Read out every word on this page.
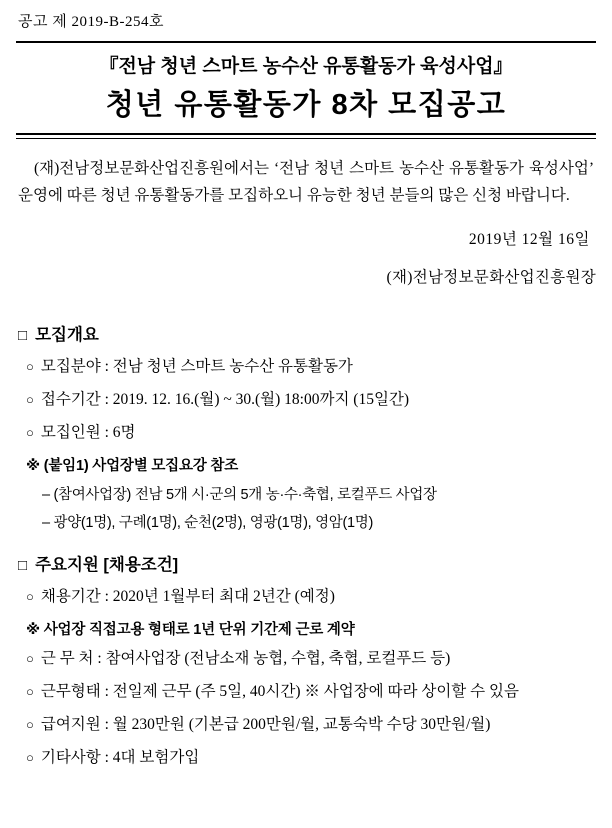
공고 제 2019-B-254호
『전남 청년 스마트 농수산 유통활동가 육성사업』
청년 유통활동가 8차 모집공고

(재)전남정보문화산업진흥원에서는 ‘전남 청년 스마트 농수산 유통활동가 육성사업’ 운영에 따른 청년 유통활동가를 모집하오니 유능한 청년 분들의 많은 신청 바랍니다.

2019년 12월 16일
(재)전남정보문화산업진흥원장
□ 모집개요
○ 모집분야 : 전남 청년 스마트 농수산 유통활동가
○ 접수기간 : 2019. 12. 16.(월) ~ 30.(월) 18:00까지 (15일간)
○ 모집인원 : 6명
※ (붙임1) 사업장별 모집요강 참조
– (참여사업장) 전남 5개 시·군의 5개 농·수·축협, 로컬푸드 사업장
– 광양(1명), 구례(1명), 순천(2명), 영광(1명), 영암(1명)
□ 주요지원 [채용조건]
○ 채용기간 : 2020년 1월부터 최대 2년간 (예정)
※ 사업장 직접고용 형태로 1년 단위 기간제 근로 계약
○ 근 무 처 : 참여사업장 (전남소재 농협, 수협, 축협, 로컬푸드 등)
○ 근무형태 : 전일제 근무 (주 5일, 40시간) ※ 사업장에 따라 상이할 수 있음
○ 급여지원 : 월 230만원 (기본급 200만원/월, 교통숙박 수당 30만원/월)
○ 기타사항 : 4대 보험가입
